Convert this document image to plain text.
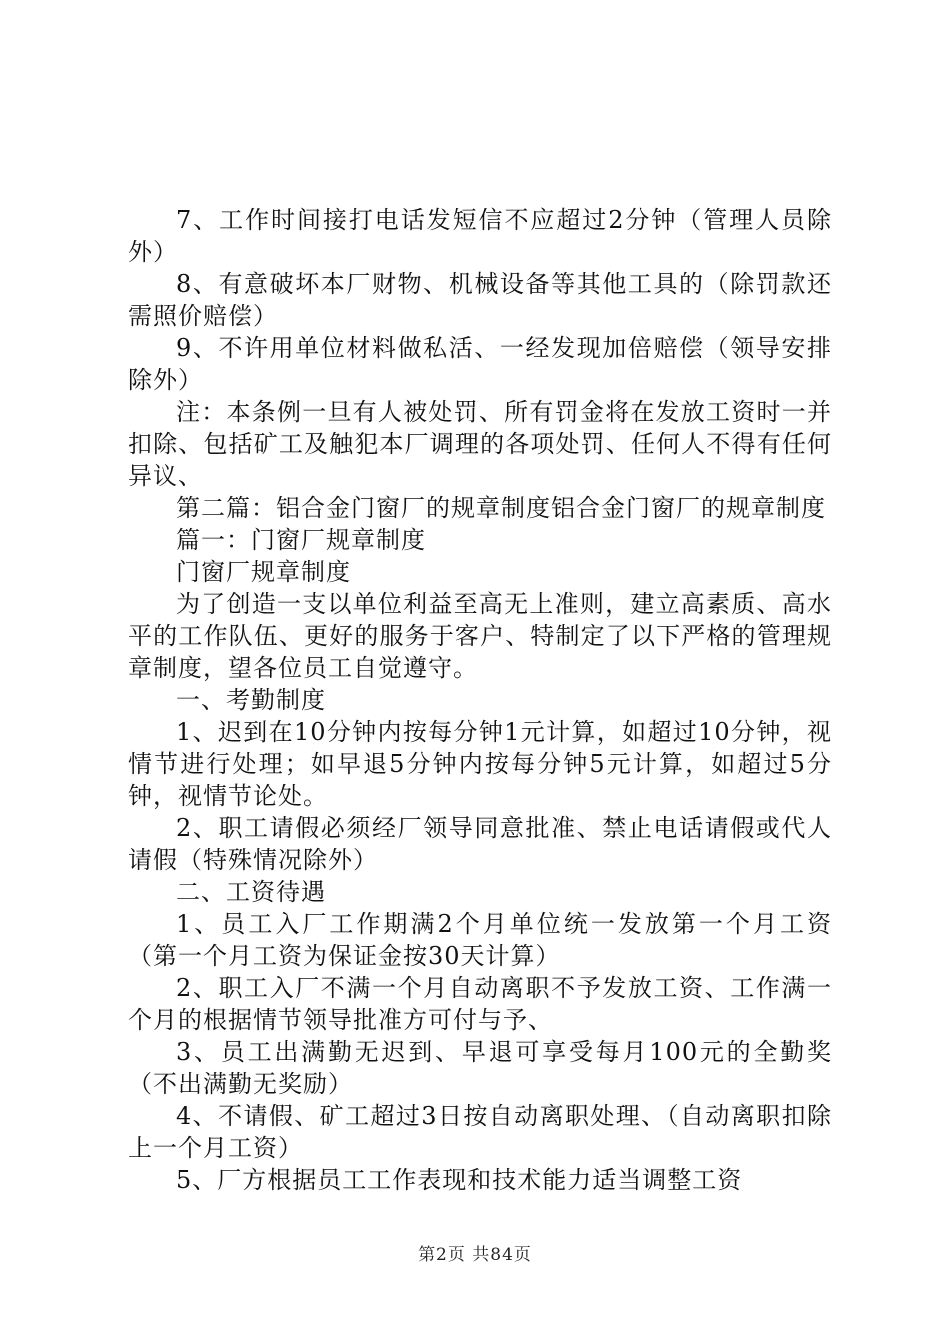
7、工作时间接打电话发短信不应超过2分钟（管理人员除外）

8、有意破坏本厂财物、机械设备等其他工具的（除罚款还需照价赔偿）

9、不许用单位材料做私活、一经发现加倍赔偿（领导安排除外）

注：本条例一旦有人被处罚、所有罚金将在发放工资时一并扣除、包括矿工及触犯本厂调理的各项处罚、任何人不得有任何异议、

第二篇：铝合金门窗厂的规章制度铝合金门窗厂的规章制度

篇一：门窗厂规章制度

门窗厂规章制度

为了创造一支以单位利益至高无上准则，建立高素质、高水平的工作队伍、更好的服务于客户、特制定了以下严格的管理规章制度，望各位员工自觉遵守。

一、考勤制度

1、迟到在10分钟内按每分钟1元计算，如超过10分钟，视情节进行处理；如早退5分钟内按每分钟5元计算，如超过5分钟，视情节论处。

2、职工请假必须经厂领导同意批准、禁止电话请假或代人请假（特殊情况除外）

二、工资待遇

1、员工入厂工作期满2个月单位统一发放第一个月工资（第一个月工资为保证金按30天计算）

2、职工入厂不满一个月自动离职不予发放工资、工作满一个月的根据情节领导批准方可付与予、

3、员工出满勤无迟到、早退可享受每月100元的全勤奖（不出满勤无奖励）

4、不请假、矿工超过3日按自动离职处理、（自动离职扣除上一个月工资）

5、厂方根据员工工作表现和技术能力适当调整工资

第2页 共84页
